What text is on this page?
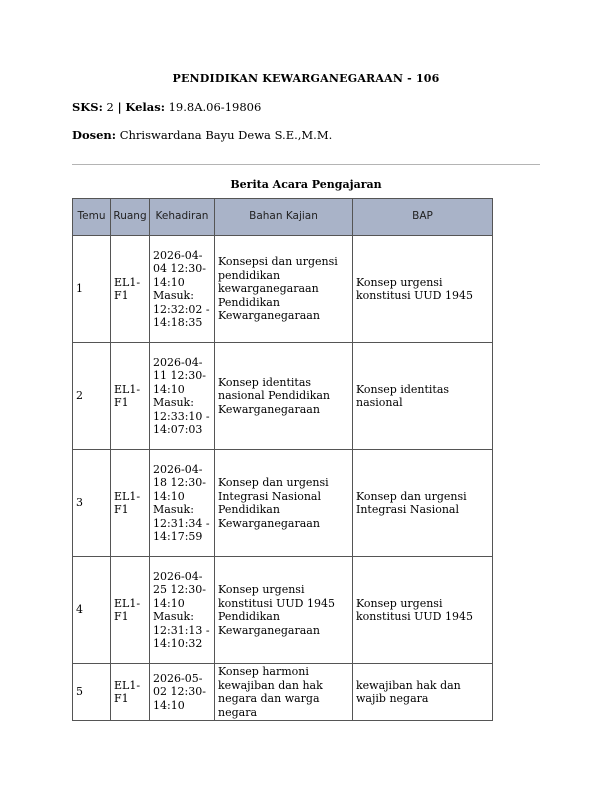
PENDIDIKAN KEWARGANEGARAAN - 106
SKS: 2 | Kelas: 19.8A.06-19806
Dosen: Chriswardana Bayu Dewa S.E.,M.M.
Berita Acara Pengajaran
Temu	Ruang	Kehadiran	Bahan Kajian	BAP
1	EL1-F1	2026-04-04 12:30-14:10 Masuk: 12:32:02 - 14:18:35	Konsepsi dan urgensi pendidikan kewarganegaraan Pendidikan Kewarganegaraan	Konsep urgensi konstitusi UUD 1945
2	EL1-F1	2026-04-11 12:30-14:10 Masuk: 12:33:10 - 14:07:03	Konsep identitas nasional Pendidikan Kewarganegaraan	Konsep identitas nasional
3	EL1-F1	2026-04-18 12:30-14:10 Masuk: 12:31:34 - 14:17:59	Konsep dan urgensi Integrasi Nasional Pendidikan Kewarganegaraan	Konsep dan urgensi Integrasi Nasional
4	EL1-F1	2026-04-25 12:30-14:10 Masuk: 12:31:13 - 14:10:32	Konsep urgensi konstitusi UUD 1945 Pendidikan Kewarganegaraan	Konsep urgensi konstitusi UUD 1945
5	EL1-F1	2026-05-02 12:30-14:10	Konsep harmoni kewajiban dan hak negara dan warga negara	kewajiban hak dan wajib negara
